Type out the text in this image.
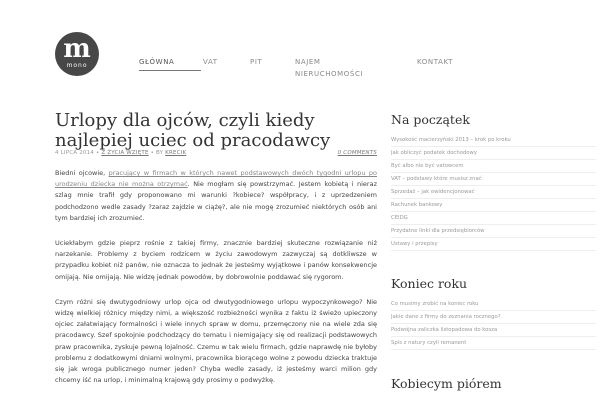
m
mono	GŁÓWNA	VAT	PIT	NAJEM NIERUCHOMOŚCI
KONTAKT
Urlopy dla ojców, czyli kiedy najlepiej uciec od pracodawcy
4 LIPCA 2014 • Z ŻYCIA WZIĘTE • BY KRECIK	0 COMMENTS

Biedni ojcowie, pracujący w firmach w których nawet podstawowych dwóch tygodni urlopu po urodzeniu dziecka nie można otrzymać. Nie mogłam się powstrzymać. Jestem kobietą i nieraz szlag mnie trafił gdy proponowano mi warunki ?kobiece? współpracy, i z uprzedzeniem podchodzono wedle zasady ?zaraz zajdzie w ciążę?, ale nie mogę zrozumieć niektórych osób ani tym bardziej ich zrozumieć.

Uciekłabym gdzie pieprz rośnie z takiej firmy, znacznie bardziej skuteczne rozwiązanie niż narzekanie. Problemy z byciem rodzicem w życiu zawodowym zazwyczaj są dotkliwsze w przypadku kobiet niż panów, nie oznacza to jednak że jesteśmy wyjątkowe i panów konsekwencje omijają. Nie omijają. Nie widzę jednak powodów, by dobrowolnie poddawać się rygorom.

Czym różni się dwutygodniowy urlop ojca od dwutygodniowego urlopu wypoczynkowego? Nie widzę wielkiej różnicy między nimi, a większość rozbieżności wynika z faktu iż świeżo upieczony ojciec załatwiający formalności i wiele innych spraw w domu, przemęczony nie na wiele zda się pracodawcy. Szef spokojnie podchodzący do tematu i niemigający się od realizacji podstawowych praw pracownika, zyskuje pewną lojalność. Czemu w tak wielu firmach, gdzie naprawdę nie byłoby problemu z dodatkowymi dniami wolnymi, pracownika biorącego wolne z powodu dziecka traktuje się jak wroga publicznego numer jeden? Chyba wedle zasady, iż jesteśmy warci milion gdy chcemy iść na urlop, i minimalną krajową gdy prosimy o podwyżkę.

Na początek
Wysokość macierzyński 2013 – krok po kroku
Jak obliczyć podatek dochodowy
Być albo nie być vatowcem
VAT – podstawy które musisz znać
Sprzedaż – jak ewidencjonować
Rachunek bankowy
CEIDG
Przydatne linki dla przedsiębiorców
Ustawy i przepisy
Koniec roku
Co musimy zrobić na koniec roku
Jakie dane z firmy do zeznania rocznego?
Podwójna zaliczka listopadowa do kosza
Spis z natury czyli remanent
Kobiecym piórem
